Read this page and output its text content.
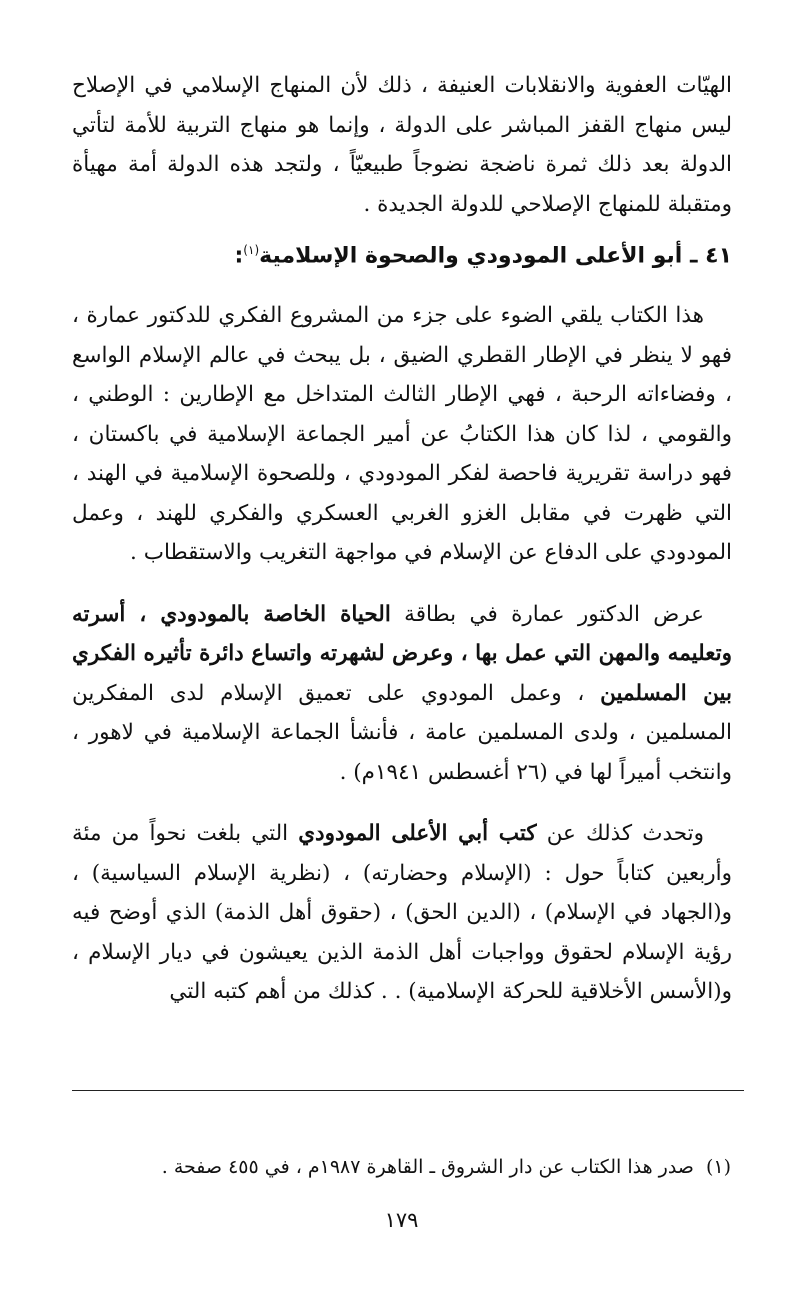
الهيّات العفوية والانقلابات العنيفة ، ذلك لأن المنهاج الإسلامي في الإصلاح ليس منهاج القفز المباشر على الدولة ، وإنما هو منهاج التربية للأمة لتأتي الدولة بعد ذلك ثمرة ناضجة نضوجاً طبيعيّاً ، ولتجد هذه الدولة أمة مهيأة ومتقبلة للمنهاج الإصلاحي للدولة الجديدة .

٤١ ـ أبو الأعلى المودودي والصحوة الإسلامية$^{(١)}$:

هذا الكتاب يلقي الضوء على جزء من المشروع الفكري للدكتور عمارة ، فهو لا ينظر في الإطار القطري الضيق ، بل يبحث في عالم الإسلام الواسع ، وفضاءاته الرحبة ، فهي الإطار الثالث المتداخل مع الإطارين : الوطني ، والقومي ، لذا كان هذا الكتابُ عن أمير الجماعة الإسلامية في باكستان ، فهو دراسة تقريرية فاحصة لفكر المودودي ، وللصحوة الإسلامية في الهند ، التي ظهرت في مقابل الغزو الغربي العسكري والفكري للهند ، وعمل المودودي على الدفاع عن الإسلام في مواجهة التغريب والاستقطاب .

عرض الدكتور عمارة في بطاقة الحياة الخاصة بالمودودي ، أسرته وتعليمه والمهن التي عمل بها ، وعرض لشهرته واتساع دائرة تأثيره الفكري بين المسلمين ، وعمل المودوي على تعميق الإسلام لدى المفكرين المسلمين ، ولدى المسلمين عامة ، فأنشأ الجماعة الإسلامية في لاهور ، وانتخب أميراً لها في (٢٦ أغسطس ١٩٤١م) .

وتحدث كذلك عن كتب أبي الأعلى المودودي التي بلغت نحواً من مئة وأربعين كتاباً حول : (الإسلام وحضارته) ، (نظرية الإسلام السياسية) ، و(الجهاد في الإسلام) ، (الدين الحق) ، (حقوق أهل الذمة) الذي أوضح فيه رؤية الإسلام لحقوق وواجبات أهل الذمة الذين يعيشون في ديار الإسلام ، و(الأسس الأخلاقية للحركة الإسلامية) . . كذلك من أهم كتبه التي

(١)صدر هذا الكتاب عن دار الشروق ـ القاهرة ١٩٨٧م ، في ٤٥٥ صفحة .
١٧٩
